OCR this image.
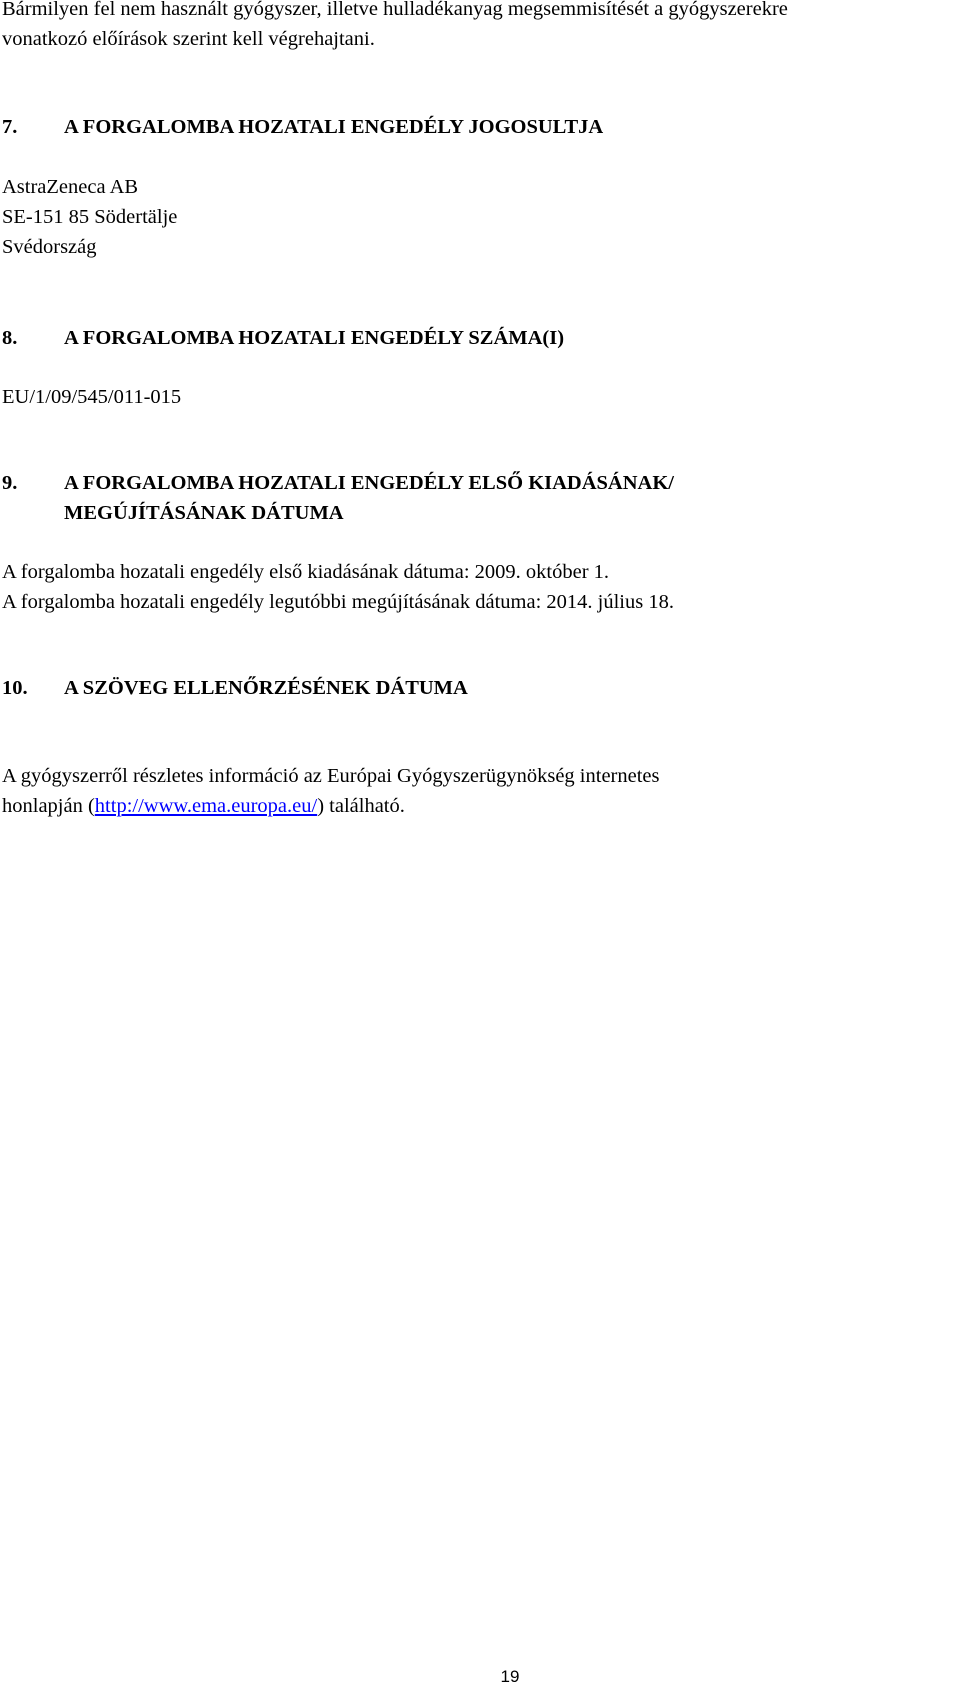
Bármilyen fel nem használt gyógyszer, illetve hulladékanyag megsemmisítését a gyógyszerekre
vonatkozó előírások szerint kell végrehajtani.
7.	A FORGALOMBA HOZATALI ENGEDÉLY JOGOSULTJA
AstraZeneca AB
SE-151 85 Södertälje
Svédország
8.	A FORGALOMBA HOZATALI ENGEDÉLY SZÁMA(I)
EU/1/09/545/011-015
9.	A FORGALOMBA HOZATALI ENGEDÉLY ELSŐ KIADÁSÁNAK/
MEGÚJÍTÁSÁNAK DÁTUMA
A forgalomba hozatali engedély első kiadásának dátuma: 2009. október 1.
A forgalomba hozatali engedély legutóbbi megújításának dátuma: 2014. július 18.
10.	A SZÖVEG ELLENŐRZÉSÉNEK DÁTUMA
A gyógyszerről részletes információ az Európai Gyógyszerügynökség internetes
honlapján (http://www.ema.europa.eu/) található.
19
